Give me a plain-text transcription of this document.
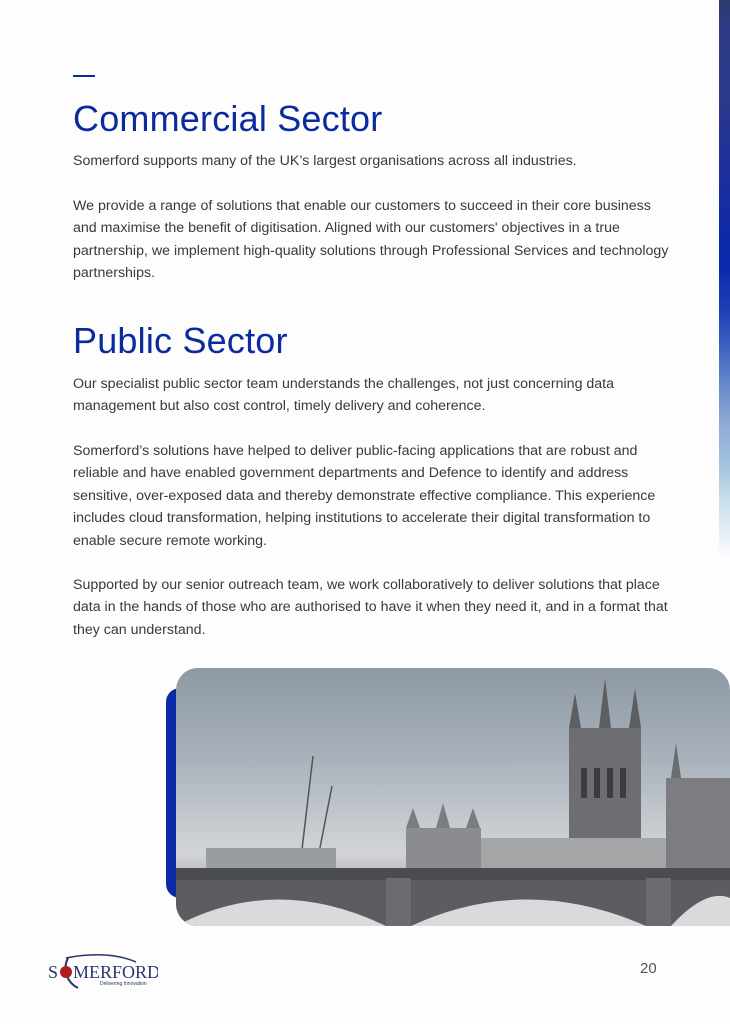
Commercial Sector

Somerford supports many of the UK’s largest organisations across all industries.

We provide a range of solutions that enable our customers to succeed in their core business and maximise the benefit of digitisation. Aligned with our customers' objectives in a true partnership, we implement high-quality solutions through Professional Services and technology partnerships.

Public Sector

Our specialist public sector team understands the challenges, not just concerning data management but also cost control, timely delivery and coherence.

Somerford’s solutions have helped to deliver public-facing applications that are robust and reliable and have enabled government departments and Defence to identify and address sensitive, over-exposed data and thereby demonstrate effective compliance. This experience includes cloud transformation, helping institutions to accelerate their digital transformation to enable secure remote working.

Supported by our senior outreach team, we work collaboratively to deliver solutions that place data in the hands of those who are authorised to have it when they need it, and in a format that they can understand.

S MERFORD
Delivering Innovation
20
